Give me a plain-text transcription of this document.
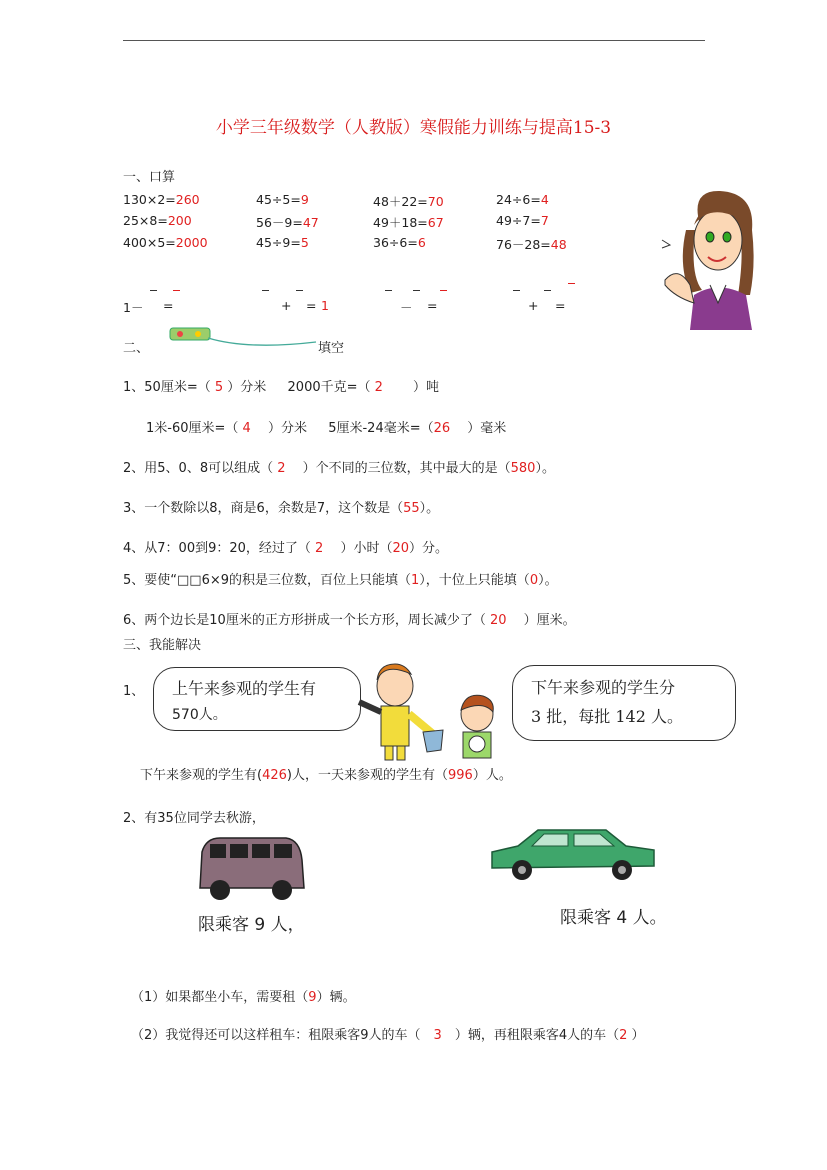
小学三年级数学（人教版）寒假能力训练与提高15-3
一、口算
130×2=260	45÷5=9	48＋22=70	24÷6=4
25×8=200	56－9=47	49＋18=67	49÷7=7
400×5=2000	45÷9=5	36÷6=6	76－28=48
1－ =	+ = 1	－ =	+ =
二、	填空
1、50厘米=（ 5 ）分米 　 2000千克=（ 2 　　）吨
1米-60厘米=（ 4 　）分米 　 5厘米-24毫米=（26 　）毫米
2、用5、0、8可以组成（ 2 　）个不同的三位数，其中最大的是（580）。
3、一个数除以8，商是6，余数是7，这个数是（55）。
4、从7：00到9：20，经过了（ 2 　）小时（20）分。
5、要使“□□6×9的积是三位数，百位上只能填（1），十位上只能填（0）。
6、两个边长是10厘米的正方形拼成一个长方形，周长减少了（ 20 　）厘米。
三、我能解决
1、 上午来参观的学生有
570人。
下午来参观的学生分
3 批，每批 142 人。
下午来参观的学生有(426)人，一天来参观的学生有（996）人。
2、有35位同学去秋游，
限乘客 9 人，	限乘客 4 人。
（1）如果都坐小车，需要租（9）辆。
（2）我觉得还可以这样租车：租限乘客9人的车（　3　）辆，再租限乘客4人的车（2 ）
